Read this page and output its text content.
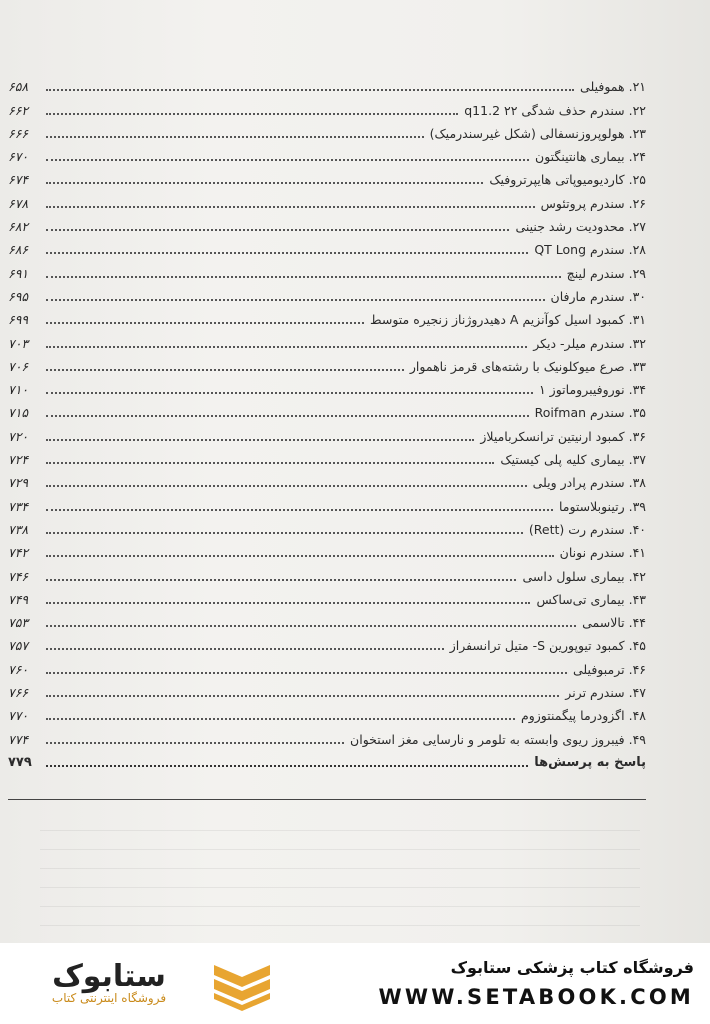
۲۱. هموفیلی
۶۵۸
۲۲. سندرم حذف شدگی ۲۲ q11.2
۶۶۲
۲۳. هولوپروزنسفالی (شکل غیرسندرمیک)
۶۶۶
۲۴. بیماری هانتینگتون
۶۷۰
۲۵. کاردیومیوپاتی هایپرتروفیک
۶۷۴
۲۶. سندرم پروتئوس
۶۷۸
۲۷. محدودیت رشد جنینی
۶۸۲
۲۸. سندرم QT Long
۶۸۶
۲۹. سندرم لینچ
۶۹۱
۳۰. سندرم مارفان
۶۹۵
۳۱. کمبود اسیل کوآنزیم A دهیدروژناز زنجیره متوسط
۶۹۹
۳۲. سندرم میلر- دیکر
۷۰۳
۳۳. صرع میوکلونیک با رشته‌های قرمز ناهموار
۷۰۶
۳۴. نوروفیبروماتوز ۱
۷۱۰
۳۵. سندرم Roifman
۷۱۵
۳۶. کمبود ارنیتین ترانسکرباميلاز
۷۲۰
۳۷. بیماری کلیه پلی کیستیک
۷۲۴
۳۸. سندرم پرادر ویلی
۷۲۹
۳۹. رتینوبلاستوما
۷۳۴
۴۰. سندرم رت (Rett)
۷۳۸
۴۱. سندرم نونان
۷۴۲
۴۲. بیماری سلول داسی
۷۴۶
۴۳. بیماری تی‌ساکس
۷۴۹
۴۴. تالاسمی
۷۵۳
۴۵. کمبود تیوپورین S- متیل ترانسفراز
۷۵۷
۴۶. ترمبوفیلی
۷۶۰
۴۷. سندرم ترنر
۷۶۶
۴۸. اگزودرما پیگمنتوزوم
۷۷۰
۴۹. فیبروز ریوی وابسته به تلومر و نارسایی مغز استخوان
۷۷۴
پاسخ به پرسش‌ها
۷۷۹
ستابوک
فروشگاه اینترنتی کتاب
فروشگاه کتاب پزشکی ستابوک
WWW.SETABOOK.COM
